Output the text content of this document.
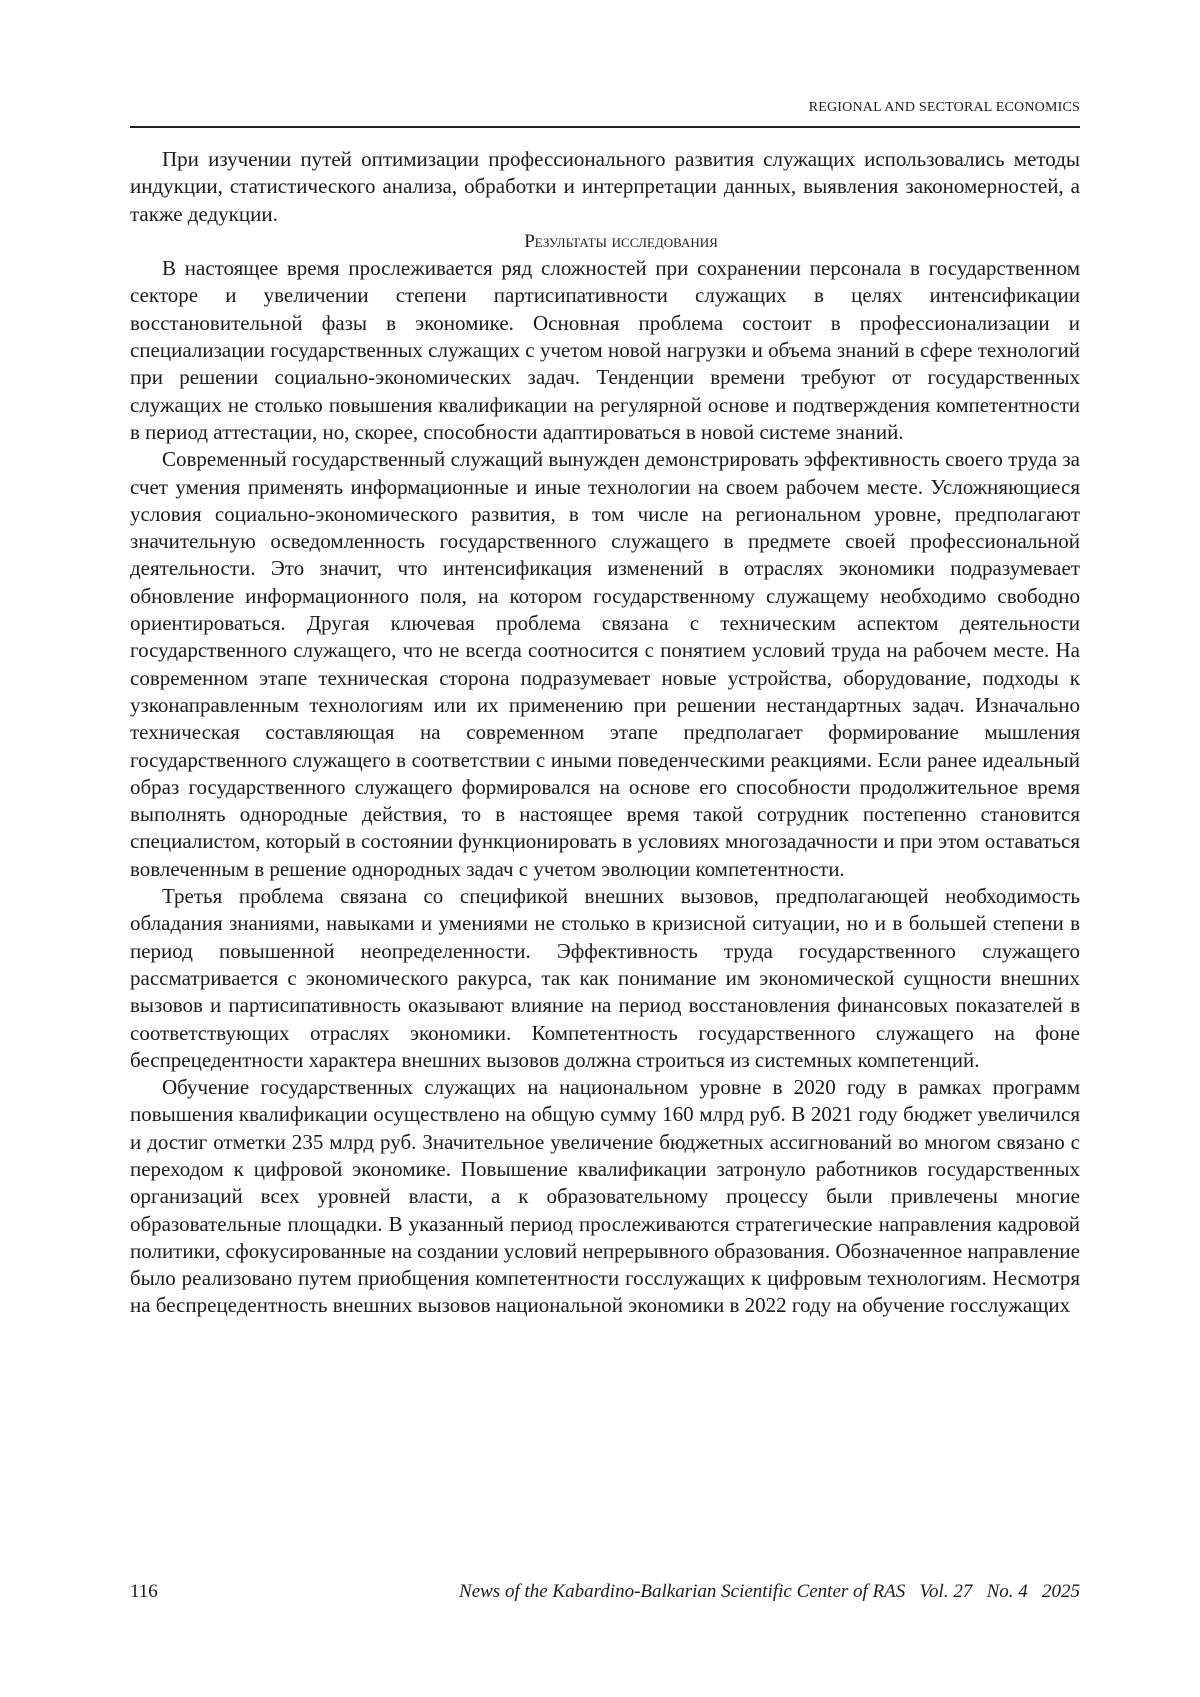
REGIONAL AND SECTORAL ECONOMICS

При изучении путей оптимизации профессионального развития служащих использовались методы индукции, статистического анализа, обработки и интерпретации данных, выявления закономерностей, а также дедукции.

Результаты исследования

В настоящее время прослеживается ряд сложностей при сохранении персонала в государственном секторе и увеличении степени партисипативности служащих в целях интенсификации восстановительной фазы в экономике. Основная проблема состоит в профессионализации и специализации государственных служащих с учетом новой нагрузки и объема знаний в сфере технологий при решении социально-экономических задач. Тенденции времени требуют от государственных служащих не столько повышения квалификации на регулярной основе и подтверждения компетентности в период аттестации, но, скорее, способности адаптироваться в новой системе знаний.

Современный государственный служащий вынужден демонстрировать эффективность своего труда за счет умения применять информационные и иные технологии на своем рабочем месте. Усложняющиеся условия социально-экономического развития, в том числе на региональном уровне, предполагают значительную осведомленность государственного служащего в предмете своей профессиональной деятельности. Это значит, что интенсификация изменений в отраслях экономики подразумевает обновление информационного поля, на котором государственному служащему необходимо свободно ориентироваться. Другая ключевая проблема связана с техническим аспектом деятельности государственного служащего, что не всегда соотносится с понятием условий труда на рабочем месте. На современном этапе техническая сторона подразумевает новые устройства, оборудование, подходы к узконаправленным технологиям или их применению при решении нестандартных задач. Изначально техническая составляющая на современном этапе предполагает формирование мышления государственного служащего в соответствии с иными поведенческими реакциями. Если ранее идеальный образ государственного служащего формировался на основе его способности продолжительное время выполнять однородные действия, то в настоящее время такой сотрудник постепенно становится специалистом, который в состоянии функционировать в условиях многозадачности и при этом оставаться вовлеченным в решение однородных задач с учетом эволюции компетентности.

Третья проблема связана со спецификой внешних вызовов, предполагающей необходимость обладания знаниями, навыками и умениями не столько в кризисной ситуации, но и в большей степени в период повышенной неопределенности. Эффективность труда государственного служащего рассматривается с экономического ракурса, так как понимание им экономической сущности внешних вызовов и партисипативность оказывают влияние на период восстановления финансовых показателей в соответствующих отраслях экономики. Компетентность государственного служащего на фоне беспрецедентности характера внешних вызовов должна строиться из системных компетенций.

Обучение государственных служащих на национальном уровне в 2020 году в рамках программ повышения квалификации осуществлено на общую сумму 160 млрд руб. В 2021 году бюджет увеличился и достиг отметки 235 млрд руб. Значительное увеличение бюджетных ассигнований во многом связано с переходом к цифровой экономике. Повышение квалификации затронуло работников государственных организаций всех уровней власти, а к образовательному процессу были привлечены многие образовательные площадки. В указанный период прослеживаются стратегические направления кадровой политики, сфокусированные на создании условий непрерывного образования. Обозначенное направление было реализовано путем приобщения компетентности госслужащих к цифровым технологиям. Несмотря на беспрецедентность внешних вызовов национальной экономики в 2022 году на обучение госслужащих

116	News of the Kabardino-Balkarian Scientific Center of RAS   Vol. 27   No. 4   2025
